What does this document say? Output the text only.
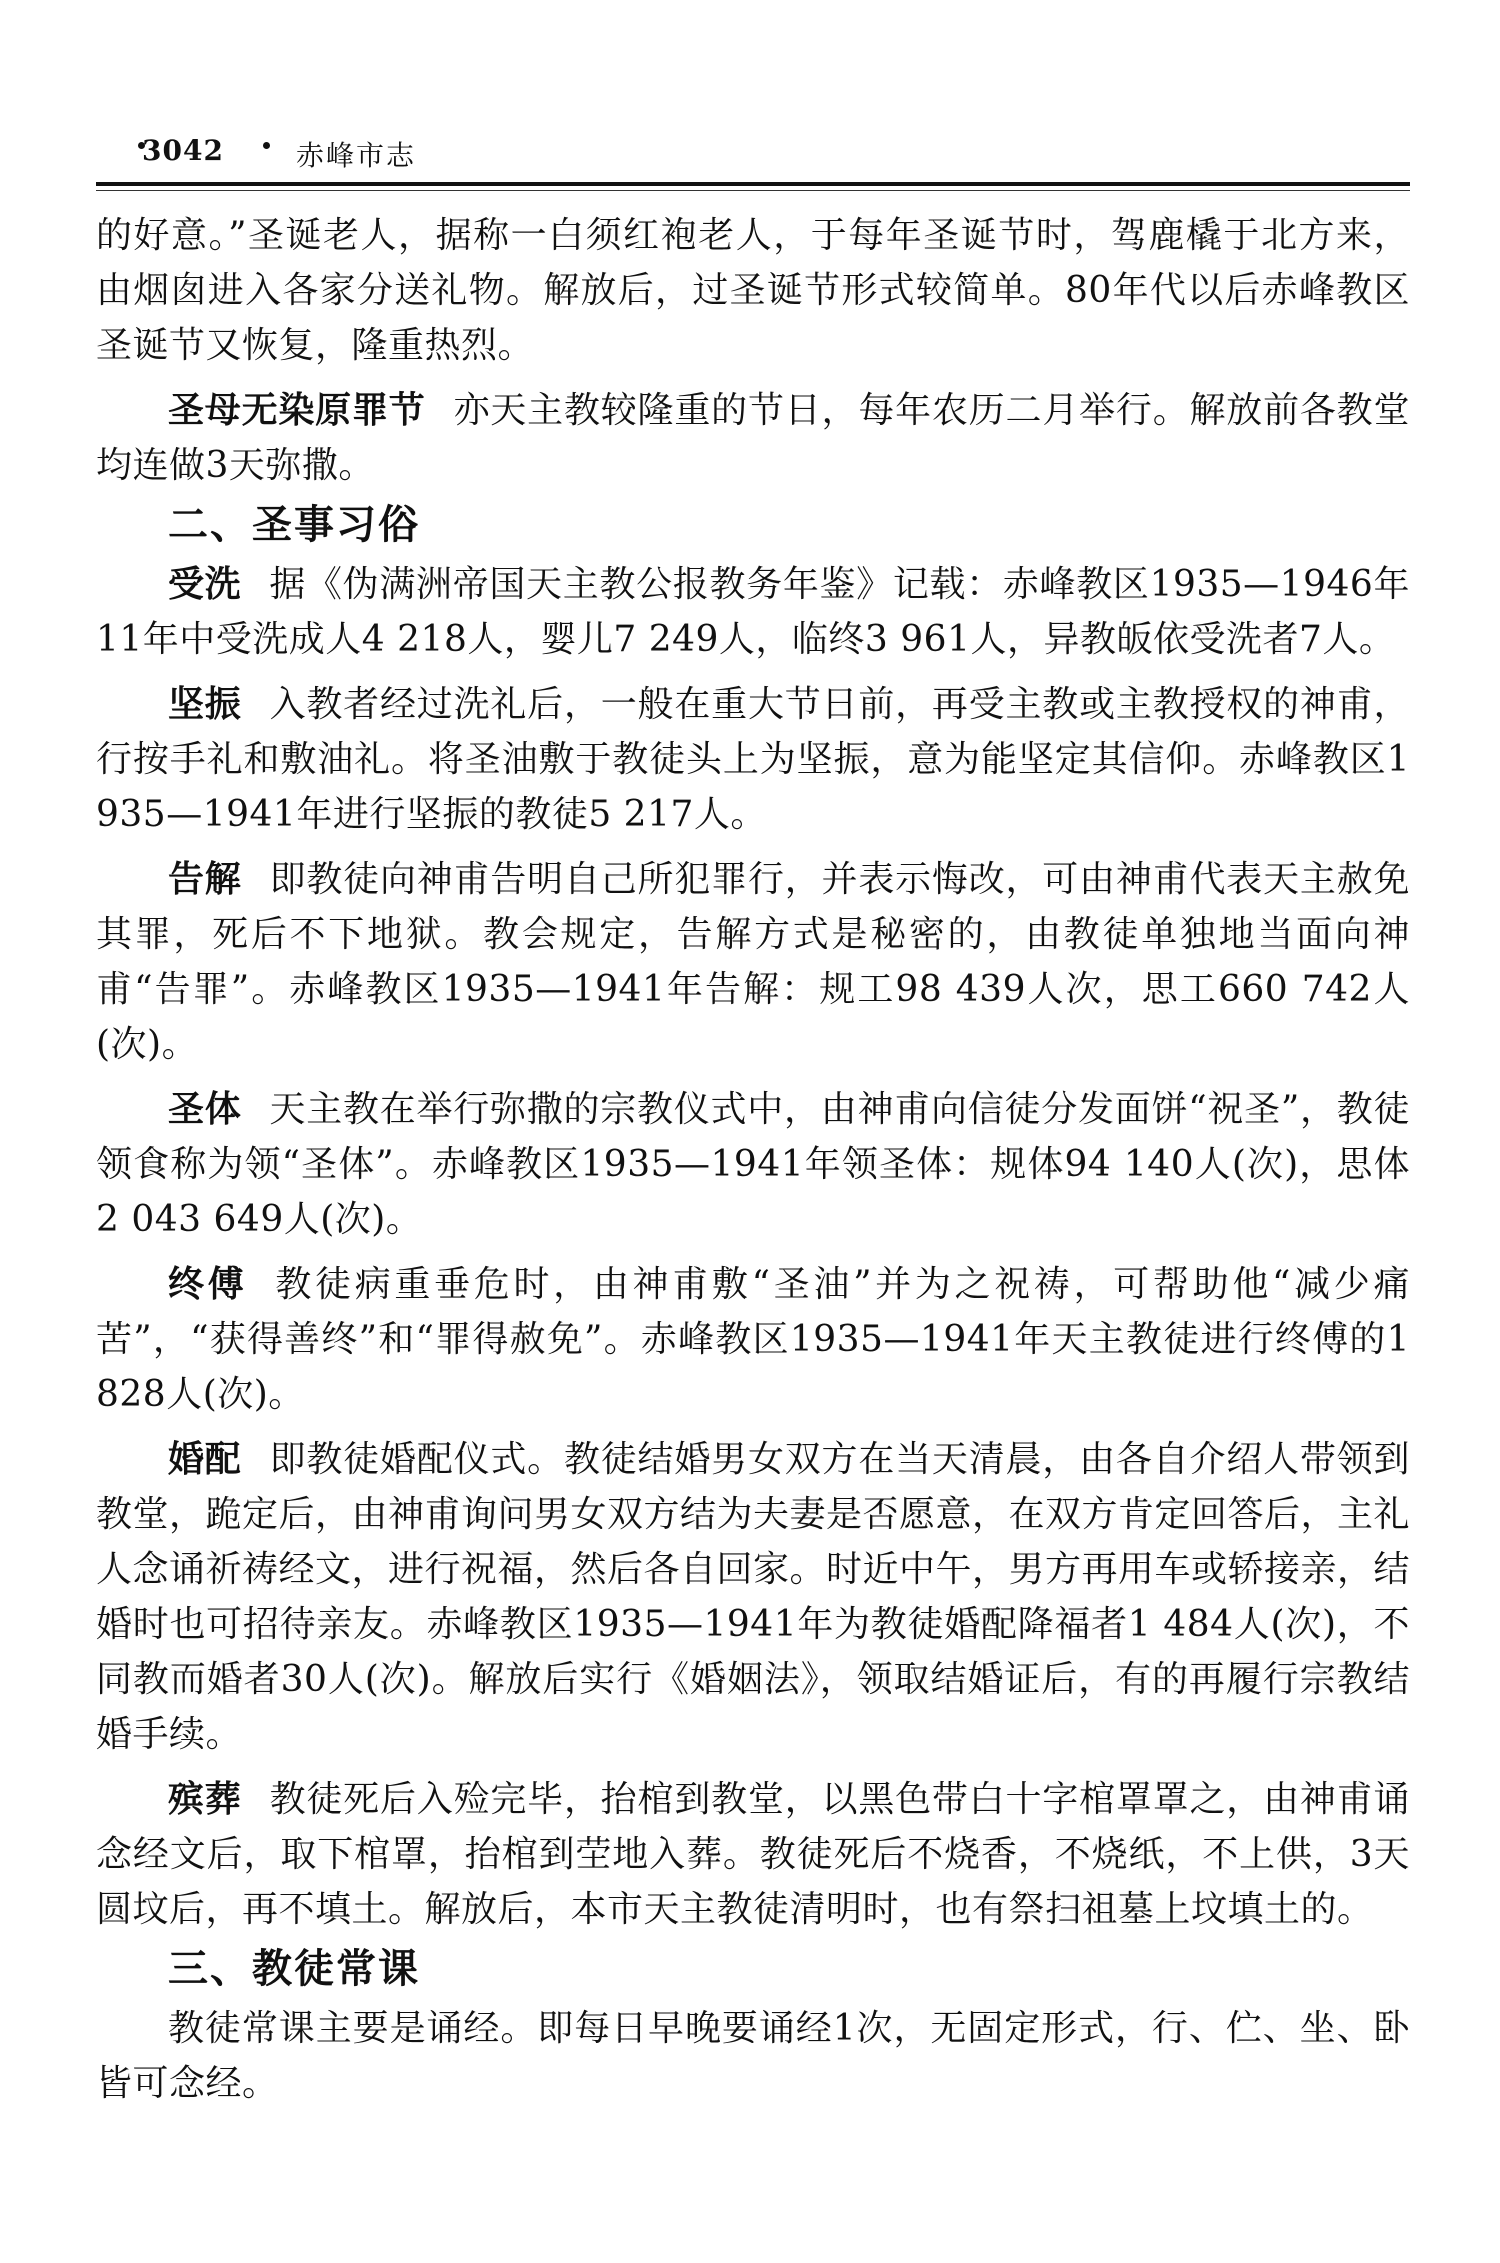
3042	赤峰市志

的好意。”圣诞老人，据称一白须红袍老人，于每年圣诞节时，驾鹿橇于北方来，由烟囱进入各家分送礼物。解放后，过圣诞节形式较简单。80年代以后赤峰教区圣诞节又恢复，隆重热烈。

圣母无染原罪节 亦天主教较隆重的节日，每年农历二月举行。解放前各教堂均连做3天弥撒。

二、圣事习俗

受洗 据《伪满洲帝国天主教公报教务年鉴》记载：赤峰教区1935—1946年11年中受洗成人4 218人，婴儿7 249人，临终3 961人，异教皈依受洗者7人。

坚振 入教者经过洗礼后，一般在重大节日前，再受主教或主教授权的神甫，行按手礼和敷油礼。将圣油敷于教徒头上为坚振，意为能坚定其信仰。赤峰教区1935—1941年进行坚振的教徒5 217人。

告解 即教徒向神甫告明自己所犯罪行，并表示悔改，可由神甫代表天主赦免其罪，死后不下地狱。教会规定，告解方式是秘密的，由教徒单独地当面向神甫“告罪”。赤峰教区1935—1941年告解：规工98 439人次，思工660 742人(次)。

圣体 天主教在举行弥撒的宗教仪式中，由神甫向信徒分发面饼“祝圣”，教徒领食称为领“圣体”。赤峰教区1935—1941年领圣体：规体94 140人(次)，思体2 043 649人(次)。

终傅 教徒病重垂危时，由神甫敷“圣油”并为之祝祷，可帮助他“减少痛苦”，“获得善终”和“罪得赦免”。赤峰教区1935—1941年天主教徒进行终傅的1 828人(次)。

婚配 即教徒婚配仪式。教徒结婚男女双方在当天清晨，由各自介绍人带领到教堂，跪定后，由神甫询问男女双方结为夫妻是否愿意，在双方肯定回答后，主礼人念诵祈祷经文，进行祝福，然后各自回家。时近中午，男方再用车或轿接亲，结婚时也可招待亲友。赤峰教区1935—1941年为教徒婚配降福者1 484人(次)，不同教而婚者30人(次)。解放后实行《婚姻法》，领取结婚证后，有的再履行宗教结婚手续。

殡葬 教徒死后入殓完毕，抬棺到教堂，以黑色带白十字棺罩罩之，由神甫诵念经文后，取下棺罩，抬棺到茔地入葬。教徒死后不烧香，不烧纸，不上供，3天圆坟后，再不填土。解放后，本市天主教徒清明时，也有祭扫祖墓上坟填土的。

三、教徒常课

教徒常课主要是诵经。即每日早晚要诵经1次，无固定形式，行、伫、坐、卧皆可念经。
